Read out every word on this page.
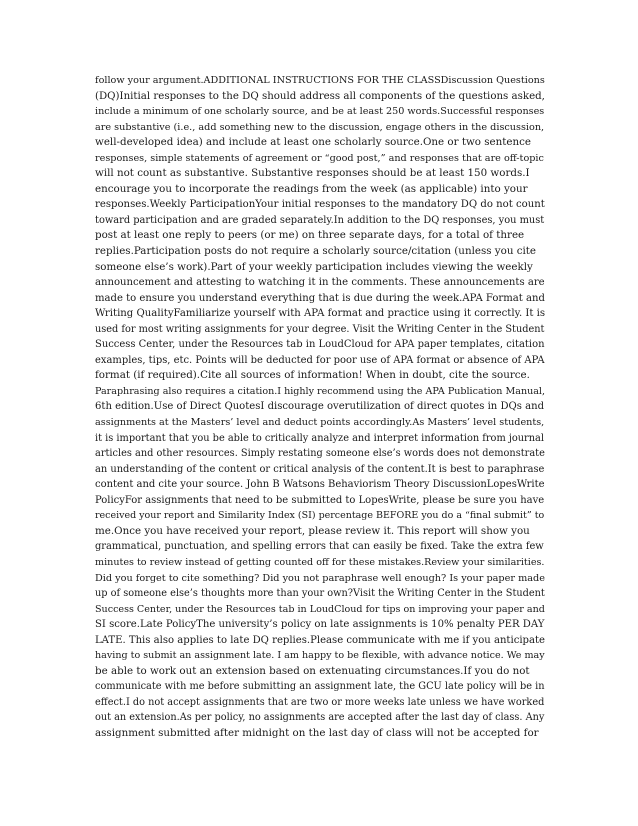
follow your argument.ADDITIONAL INSTRUCTIONS FOR THE CLASSDiscussion Questions
(DQ)Initial responses to the DQ should address all components of the questions asked,
include a minimum of one scholarly source, and be at least 250 words.Successful responses
are substantive (i.e., add something new to the discussion, engage others in the discussion,
well-developed idea) and include at least one scholarly source.One or two sentence
responses, simple statements of agreement or “good post,” and responses that are off-topic
will not count as substantive. Substantive responses should be at least 150 words.I
encourage you to incorporate the readings from the week (as applicable) into your
responses.Weekly ParticipationYour initial responses to the mandatory DQ do not count
toward participation and are graded separately.In addition to the DQ responses, you must
post at least one reply to peers (or me) on three separate days, for a total of three
replies.Participation posts do not require a scholarly source/citation (unless you cite
someone else’s work).Part of your weekly participation includes viewing the weekly
announcement and attesting to watching it in the comments. These announcements are
made to ensure you understand everything that is due during the week.APA Format and
Writing QualityFamiliarize yourself with APA format and practice using it correctly. It is
used for most writing assignments for your degree. Visit the Writing Center in the Student
Success Center, under the Resources tab in LoudCloud for APA paper templates, citation
examples, tips, etc. Points will be deducted for poor use of APA format or absence of APA
format (if required).Cite all sources of information! When in doubt, cite the source.
Paraphrasing also requires a citation.I highly recommend using the APA Publication Manual,
6th edition.Use of Direct QuotesI discourage overutilization of direct quotes in DQs and
assignments at the Masters’ level and deduct points accordingly.As Masters’ level students,
it is important that you be able to critically analyze and interpret information from journal
articles and other resources. Simply restating someone else’s words does not demonstrate
an understanding of the content or critical analysis of the content.It is best to paraphrase
content and cite your source. John B Watsons Behaviorism Theory DiscussionLopesWrite
PolicyFor assignments that need to be submitted to LopesWrite, please be sure you have
received your report and Similarity Index (SI) percentage BEFORE you do a “final submit” to
me.Once you have received your report, please review it. This report will show you
grammatical, punctuation, and spelling errors that can easily be fixed. Take the extra few
minutes to review instead of getting counted off for these mistakes.Review your similarities.
Did you forget to cite something? Did you not paraphrase well enough? Is your paper made
up of someone else’s thoughts more than your own?Visit the Writing Center in the Student
Success Center, under the Resources tab in LoudCloud for tips on improving your paper and
SI score.Late PolicyThe university’s policy on late assignments is 10% penalty PER DAY
LATE. This also applies to late DQ replies.Please communicate with me if you anticipate
having to submit an assignment late. I am happy to be flexible, with advance notice. We may
be able to work out an extension based on extenuating circumstances.If you do not
communicate with me before submitting an assignment late, the GCU late policy will be in
effect.I do not accept assignments that are two or more weeks late unless we have worked
out an extension.As per policy, no assignments are accepted after the last day of class. Any
assignment submitted after midnight on the last day of class will not be accepted for
